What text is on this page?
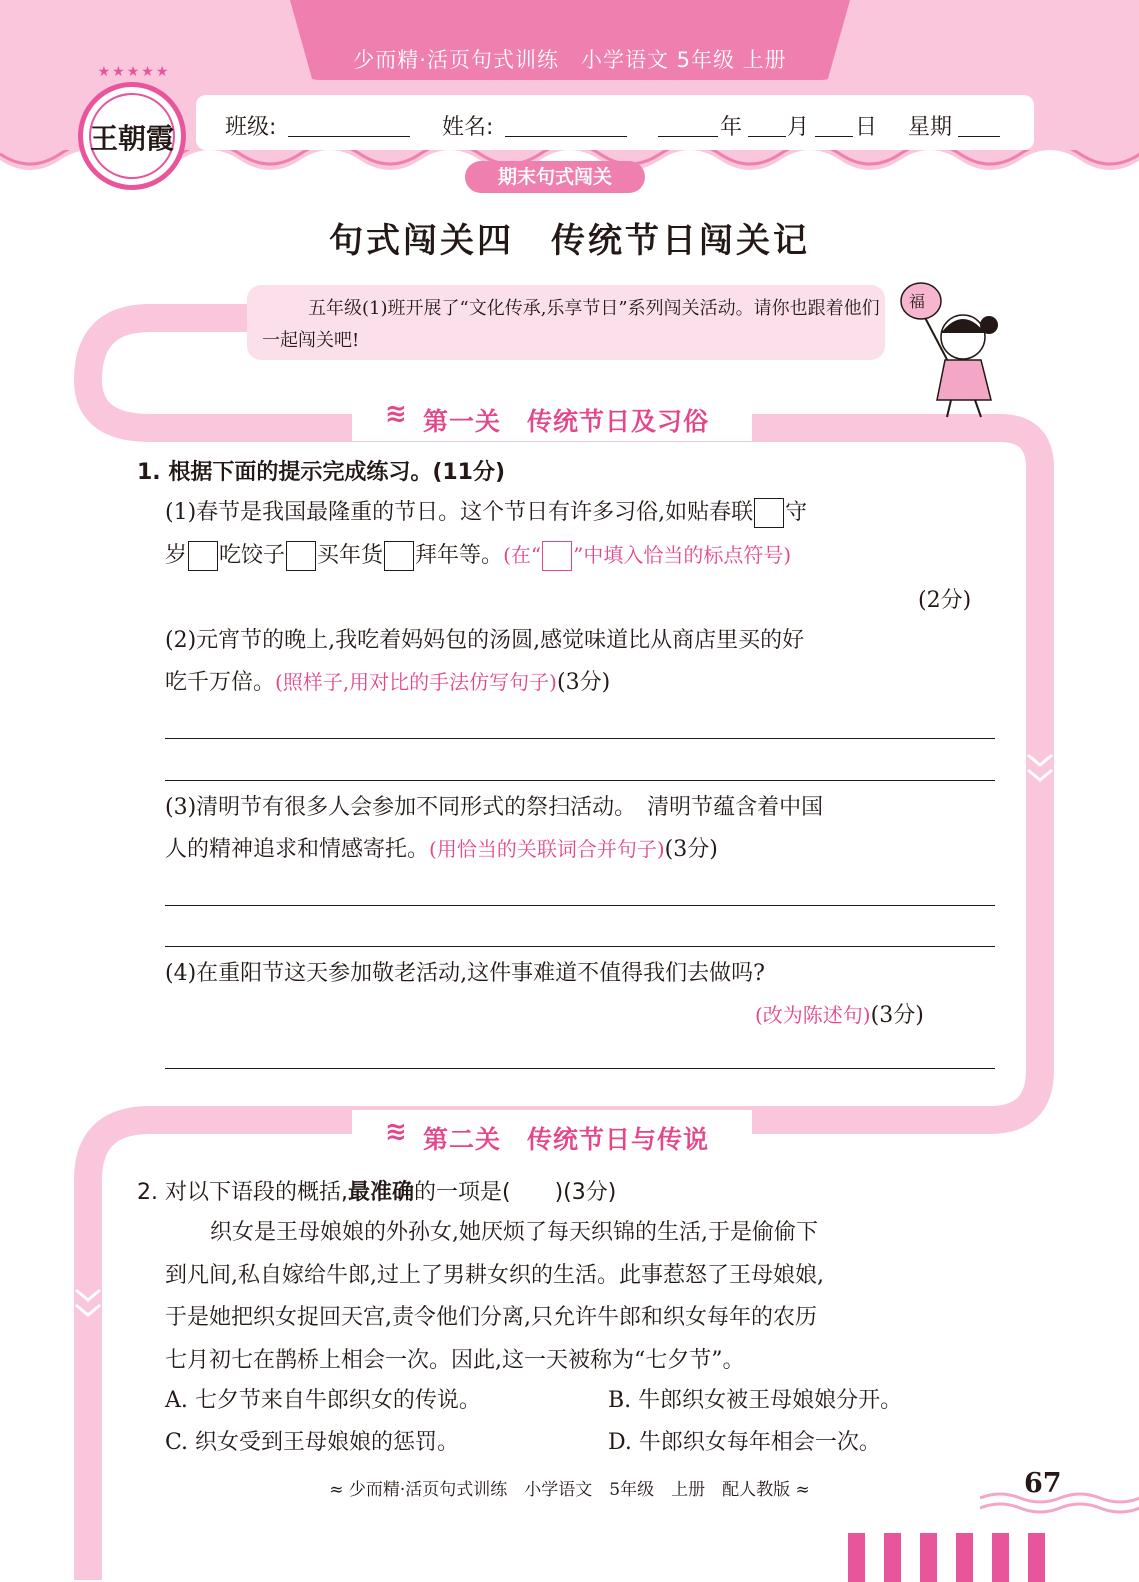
少而精·活页句式训练　小学语文 5年级 上册
★★★★★
王朝霞	班级:	姓名:	年 月 日 星期
期末句式闯关
句式闯关四　传统节日闯关记
五年级(1)班开展了“文化传承,乐享节日”系列闯关活动。请你也跟着他们一起闯关吧!
福
≋ 第一关　传统节日及习俗
1. 根据下面的提示完成练习。(11分)
(1)春节是我国最隆重的节日。这个节日有许多习俗,如贴春联 守
岁 吃饺子 买年货 拜年等。(在“ ”中填入恰当的标点符号)
(2分)
(2)元宵节的晚上,我吃着妈妈包的汤圆,感觉味道比从商店里买的好
吃千万倍。(照样子,用对比的手法仿写句子)(3分)
(3)清明节有很多人会参加不同形式的祭扫活动。　清明节蕴含着中国
人的精神追求和情感寄托。(用恰当的关联词合并句子)(3分)
(4)在重阳节这天参加敬老活动,这件事难道不值得我们去做吗?
(改为陈述句)(3分)
≋ 第二关　传统节日与传说
2. 对以下语段的概括,最准确的一项是(　　)(3分)
织女是王母娘娘的外孙女,她厌烦了每天织锦的生活,于是偷偷下
到凡间,私自嫁给牛郎,过上了男耕女织的生活。此事惹怒了王母娘娘,
于是她把织女捉回天宫,责令他们分离,只允许牛郎和织女每年的农历
七月初七在鹊桥上相会一次。因此,这一天被称为“七夕节”。
A. 七夕节来自牛郎织女的传说。	B. 牛郎织女被王母娘娘分开。
C. 织女受到王母娘娘的惩罚。	D. 牛郎织女每年相会一次。
≈ 少而精·活页句式训练　小学语文　5年级　上册　配人教版 ≈	67
